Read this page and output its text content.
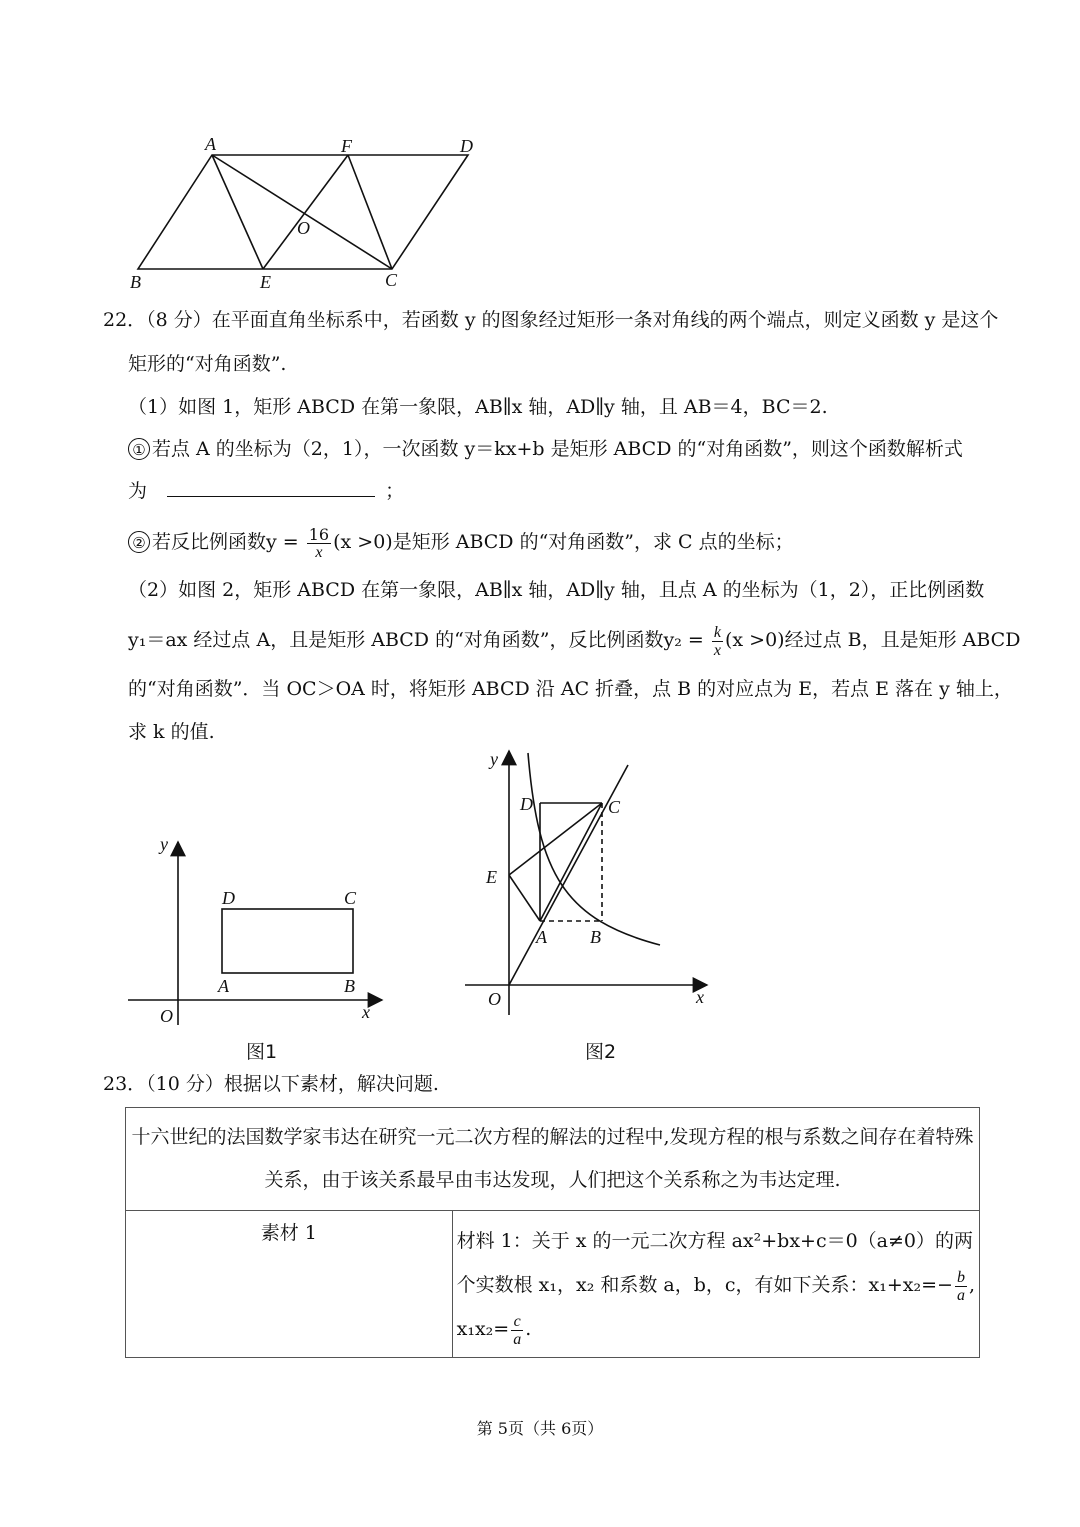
A	F	D
O
B	E	C
22．（8 分）在平面直角坐标系中，若函数 y 的图象经过矩形一条对角线的两个端点，则定义函数 y 是这个
矩形的“对角函数”.
（1）如图 1，矩形 ABCD 在第一象限，AB∥x 轴，AD∥y 轴，且 AB＝4，BC＝2.
① 若点 A 的坐标为（2，1），一次函数 y＝kx+b 是矩形 ABCD 的“对角函数”，则这个函数解析式
为	；
② 若反比例函数$y = \frac{16}{x} (x >0)$是矩形 ABCD 的“对角函数”，求 C 点的坐标；
（2）如图 2，矩形 ABCD 在第一象限，AB∥x 轴，AD∥y 轴，且点 A 的坐标为（1，2），正比例函数
y₁＝ax 经过点 A，且是矩形 ABCD 的“对角函数”，反比例函数$y_2 = \frac{k}{x} (x >0)$经过点 B，且是矩形 ABCD
的“对角函数”．当 OC＞OA 时，将矩形 ABCD 沿 AC 折叠，点 B 的对应点为 E，若点 E 落在 y 轴上，
求 k 的值.
y
x
O
A	B
C
D
图1
y
x
O
D	C
E
A B
图2
23．（10 分）根据以下素材，解决问题.
十六世纪的法国数学家韦达在研究一元二次方程的解法的过程中,发现方程的根与系数之间存在着特殊
关系，由于该关系最早由韦达发现，人们把这个关系称之为韦达定理.

素材 1	材料 1：关于 x 的一元二次方程 ax²+bx+c＝0（a≠0）的两
个实数根 x₁，x₂ 和系数 a，b，c，有如下关系：$x_1+x_2=- \frac{b}{a}$ ,
$x_1x_2= \frac{c}{a}$ .
第 5页（共 6页）
